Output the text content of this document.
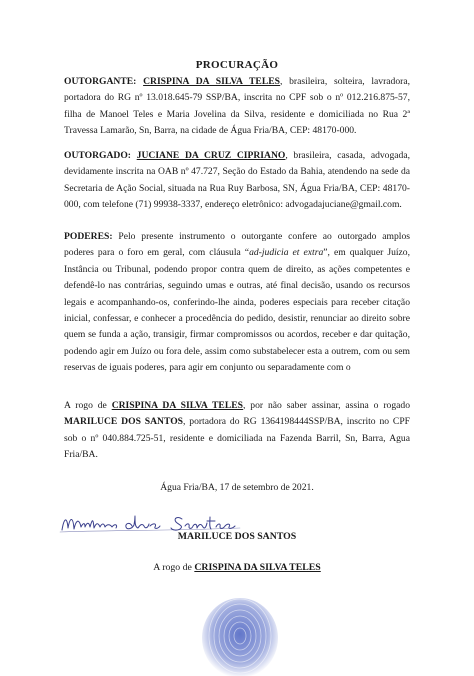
PROCURAÇÃO

OUTORGANTE: CRISPINA DA SILVA TELES, brasileira, solteira, lavradora, portadora do RG nº 13.018.645-79 SSP/BA, inscrita no CPF sob o nº 012.216.875-57, filha de Manoel Teles e Maria Jovelina da Silva, residente e domiciliada no Rua 2ª Travessa Lamarão, Sn, Barra, na cidade de Água Fria/BA, CEP: 48170-000.

OUTORGADO: JUCIANE DA CRUZ CIPRIANO, brasileira, casada, advogada, devidamente inscrita na OAB nº 47.727, Seção do Estado da Bahia, atendendo na sede da Secretaria de Ação Social, situada na Rua Ruy Barbosa, SN, Água Fria/BA, CEP: 48170-000, com telefone (71) 99938-3337, endereço eletrônico: advogadajuciane@gmail.com.

PODERES: Pelo presente instrumento o outorgante confere ao outorgado amplos poderes para o foro em geral, com cláusula “ad-judicia et extra”, em qualquer Juízo, Instância ou Tribunal, podendo propor contra quem de direito, as ações competentes e defendê-lo nas contrárias, seguindo umas e outras, até final decisão, usando os recursos legais e acompanhando-os, conferindo-lhe ainda, poderes especiais para receber citação inicial, confessar, e conhecer a procedência do pedido, desistir, renunciar ao direito sobre quem se funda a ação, transigir, firmar compromissos ou acordos, receber e dar quitação, podendo agir em Juízo ou fora dele, assim como substabelecer esta a outrem, com ou sem reservas de iguais poderes, para agir em conjunto ou separadamente com o

A rogo de CRISPINA DA SILVA TELES, por não saber assinar, assina o rogado MARILUCE DOS SANTOS, portadora do RG 1364198444SSP/BA, inscrito no CPF sob o nº 040.884.725-51, residente e domiciliada na Fazenda Barril, Sn, Barra, Agua Fria/BA.

Água Fria/BA, 17 de setembro de 2021.
MARILUCE DOS SANTOS
A rogo de CRISPINA DA SILVA TELES
